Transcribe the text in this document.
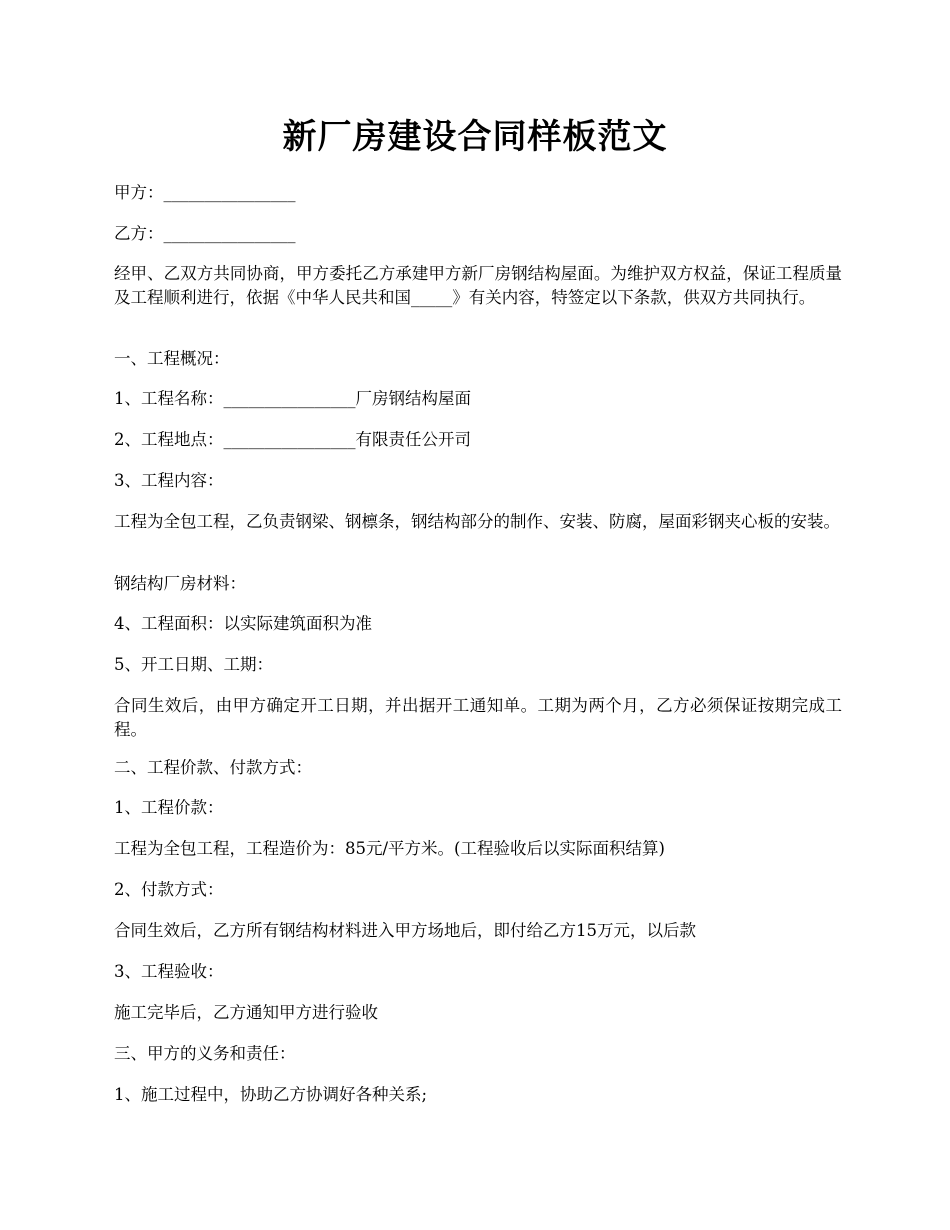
新厂房建设合同样板范文

甲方：________________

乙方：________________

经甲、乙双方共同协商，甲方委托乙方承建甲方新厂房钢结构屋面。为维护双方权益，保证工程质量及工程顺利进行，依据《中华人民共和国_____》有关内容，特签定以下条款，供双方共同执行。

一、工程概况：

1、工程名称：________________厂房钢结构屋面

2、工程地点：________________有限责任公开司

3、工程内容：

工程为全包工程，乙负责钢梁、钢檩条，钢结构部分的制作、安装、防腐，屋面彩钢夹心板的安装。

钢结构厂房材料：

4、工程面积：以实际建筑面积为准

5、开工日期、工期：

合同生效后，由甲方确定开工日期，并出据开工通知单。工期为两个月，乙方必须保证按期完成工程。

二、工程价款、付款方式：

1、工程价款：

工程为全包工程，工程造价为：85元/平方米。(工程验收后以实际面积结算)

2、付款方式：

合同生效后，乙方所有钢结构材料进入甲方场地后，即付给乙方15万元，以后款

3、工程验收：

施工完毕后，乙方通知甲方进行验收

三、甲方的义务和责任：

1、施工过程中，协助乙方协调好各种关系;
